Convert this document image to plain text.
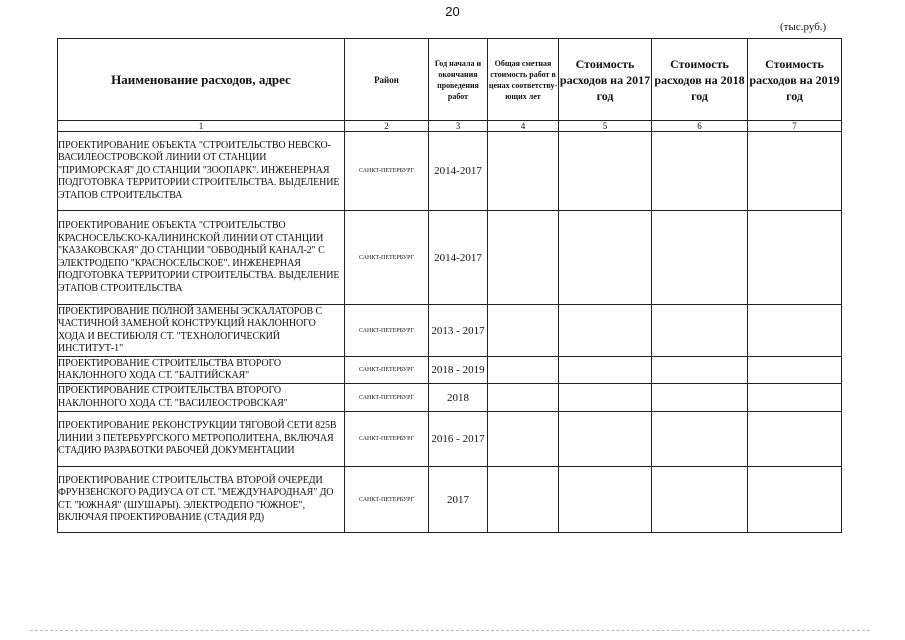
20
(тыс.руб.)
Наименование расходов, адрес	Район	Год начала и окончания проведения работ	Общая сметная стоимость работ в ценах соответству-ющих лет	Стоимость расходов на 2017 год	Стоимость расходов на 2018 год	Стоимость расходов на 2019 год
1	2	3	4	5	6	7
ПРОЕКТИРОВАНИЕ ОБЪЕКТА "СТРОИТЕЛЬСТВО НЕВСКО-ВАСИЛЕОСТРОВСКОЙ ЛИНИИ ОТ СТАНЦИИ "ПРИМОРСКАЯ" ДО СТАНЦИИ "ЗООПАРК". ИНЖЕНЕРНАЯ ПОДГОТОВКА ТЕРРИТОРИИ СТРОИТЕЛЬСТВА. ВЫДЕЛЕНИЕ ЭТАПОВ СТРОИТЕЛЬСТВА	САНКТ-ПЕТЕРБУРГ	2014-2017				
ПРОЕКТИРОВАНИЕ ОБЪЕКТА "СТРОИТЕЛЬСТВО КРАСНОСЕЛЬСКО-КАЛИНИНСКОЙ ЛИНИИ ОТ СТАНЦИИ "КАЗАКОВСКАЯ" ДО СТАНЦИИ "ОБВОДНЫЙ КАНАЛ-2" С ЭЛЕКТРОДЕПО "КРАСНОСЕЛЬСКОЕ". ИНЖЕНЕРНАЯ ПОДГОТОВКА ТЕРРИТОРИИ СТРОИТЕЛЬСТВА. ВЫДЕЛЕНИЕ ЭТАПОВ СТРОИТЕЛЬСТВА	САНКТ-ПЕТЕРБУРГ	2014-2017				
ПРОЕКТИРОВАНИЕ ПОЛНОЙ ЗАМЕНЫ ЭСКАЛАТОРОВ С ЧАСТИЧНОЙ ЗАМЕНОЙ КОНСТРУКЦИЙ НАКЛОННОГО ХОДА И ВЕСТИБЮЛЯ СТ. "ТЕХНОЛОГИЧЕСКИЙ ИНСТИТУТ-1"	САНКТ-ПЕТЕРБУРГ	2013 - 2017				
ПРОЕКТИРОВАНИЕ СТРОИТЕЛЬСТВА ВТОРОГО НАКЛОННОГО ХОДА СТ. "БАЛТИЙСКАЯ"	САНКТ-ПЕТЕРБУРГ	2018 - 2019				
ПРОЕКТИРОВАНИЕ СТРОИТЕЛЬСТВА ВТОРОГО НАКЛОННОГО ХОДА СТ. "ВАСИЛЕОСТРОВСКАЯ"	САНКТ-ПЕТЕРБУРГ	2018				
ПРОЕКТИРОВАНИЕ РЕКОНСТРУКЦИИ ТЯГОВОЙ СЕТИ 825В ЛИНИИ 3 ПЕТЕРБУРГСКОГО МЕТРОПОЛИТЕНА, ВКЛЮЧАЯ СТАДИЮ РАЗРАБОТКИ РАБОЧЕЙ ДОКУМЕНТАЦИИ	САНКТ-ПЕТЕРБУРГ	2016 - 2017				
ПРОЕКТИРОВАНИЕ СТРОИТЕЛЬСТВА ВТОРОЙ ОЧЕРЕДИ ФРУНЗЕНСКОГО РАДИУСА ОТ СТ. "МЕЖДУНАРОДНАЯ" ДО СТ. "ЮЖНАЯ" (ШУШАРЫ). ЭЛЕКТРОДЕПО "ЮЖНОЕ", ВКЛЮЧАЯ ПРОЕКТИРОВАНИЕ (СТАДИЯ РД)	САНКТ-ПЕТЕРБУРГ	2017				
